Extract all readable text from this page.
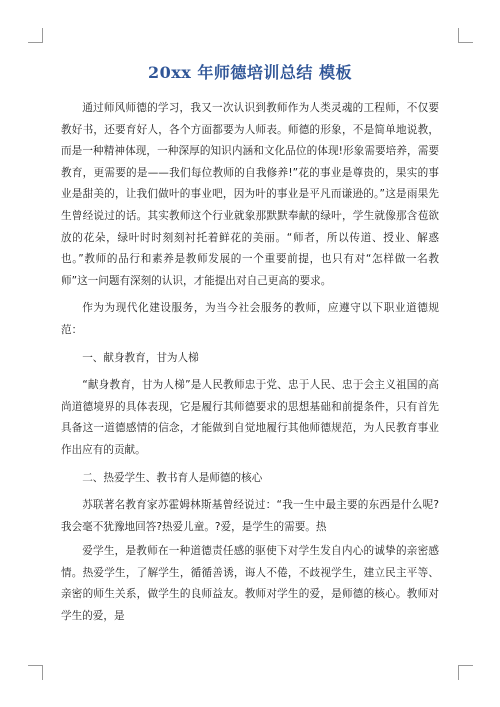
20xx 年师德培训总结 模板

通过师风师德的学习，我又一次认识到教师作为人类灵魂的工程师，不仅要教好书，还要育好人，各个方面都要为人师表。师德的形象，不是简单地说教，而是一种精神体现，一种深厚的知识内涵和文化品位的体现!形象需要培养，需要教育，更需要的是——我们每位教师的自我修养!”花的事业是尊贵的，果实的事业是甜美的，让我们做叶的事业吧，因为叶的事业是平凡而谦逊的。”这是雨果先生曾经说过的话。其实教师这个行业就象那默默奉献的绿叶，学生就像那含苞欲放的花朵，绿叶时时刻刻衬托着鲜花的美丽。“师者，所以传道、授业、解惑也。”教师的品行和素养是教师发展的一个重要前提，也只有对“怎样做一名教师”这一问题有深刻的认识，才能提出对自己更高的要求。

作为为现代化建设服务，为当今社会服务的教师，应遵守以下职业道德规范：

一、献身教育，甘为人梯

“献身教育，甘为人梯”是人民教师忠于党、忠于人民、忠于会主义祖国的高尚道德境界的具体表现，它是履行其师德要求的思想基础和前提条件，只有首先具备这一道德感情的信念，才能做到自觉地履行其他师德规范，为人民教育事业作出应有的贡献。

二、热爱学生、教书育人是师德的核心

苏联著名教育家苏霍姆林斯基曾经说过：“我一生中最主要的东西是什么呢?我会毫不犹豫地回答?热爱儿童。?爱，是学生的需要。热

爱学生，是教师在一种道德责任感的驱使下对学生发自内心的诚挚的亲密感情。热爱学生，了解学生，循循善诱，诲人不倦，不歧视学生，建立民主平等、亲密的师生关系，做学生的良师益友。教师对学生的爱，是师德的核心。教师对学生的爱，是
